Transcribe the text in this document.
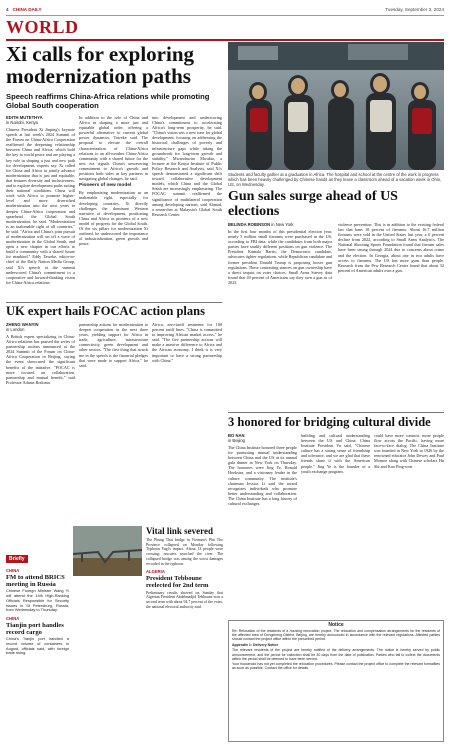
4 CHINA DAILY	Tuesday, September 3, 2024
WORLD
Xi calls for exploring modernization paths
Speech reaffirms China-Africa relations while promoting Global South cooperation
EDITH MUTETHYA
in Nairobi, Kenya
Chinese President Xi Jinping's keynote speech at last week's 2024 Summit of the Forum on China-Africa Cooperation reaffirmed the deepening relationship between China and Africa, which hold the key to world peace and are playing a key role in shaping a just and new path for development, experts say. Xi called for China and Africa to jointly advance modernization that is just and equitable, that features diversity and inclusiveness, and to explore development paths suiting their national conditions. China will work with Africa to promote higher-level and more diversified modernization into the next years to deepen China-Africa cooperation and spearhead the Global South modernization, he said. "Modernization is an inalienable right of all countries," he said. "Africa and China's joint pursuit of modernization will set off a wave of modernization in the Global South, and open a new chapter in our efforts to build a community with a shared future for mankind." Eddy Taweke, editor-in-chief of the Daily Nation Media Group, said Xi's speech at the summit underscored China's commitment to a cooperative and forward-thinking vision for China-Africa relations.
In addition to the role of China and Africa in shaping a more just and equitable global order, offering a powerful alternative to current global power dynamics, Taweke said. The proposal to elevate the overall characterization of China-Africa relations to an all-weather China-Africa community with a shared future for the new era signals China's unwavering commitment to Africa's growth and positions both sides as key partners in navigating global changes, he said.
Pioneers of new model
By emphasizing modernization as an inalienable right, especially for developing countries, Xi directly challenges the dominant Western narrative of development, positioning China and Africa as pioneers of a new model of progress for the Global South. Of the six pillars for modernization Xi outlined, he underscored the importance of industrialization, green growth and peace.
into development and underscoring China's commitment to accelerating Africa's long-term prosperity, he said. "China's vision sets a new tone for global development, focusing on addressing the historical challenges of poverty and infrastructure gaps while taking the groundwork for long-term growth and stability." Mwandawiro Mwakio, a lecturer at the Kenya Institute of Public Policy Research and Analysis, said Xi's speech demonstrated a significant shift toward collaborative development models, which China and the Global South are increasingly emphasizing. The FOCAC summit reaffirmed the significance of multilateral cooperation among developing nations, said Ahmad, a researcher at Malaysia's Global South Research Center.
Students and faculty gather at a graduation in Africa. The hospital and school at the centre of the work in progress which has been heavily challenged by Chinese hands as they leave a classroom ahead of a vacation week in Ohio, US, on Wednesday.
Gun sales surge ahead of US elections
BELINDA ROBINSON in New York
In the first four months of this presidential election year, nearly 5 million small firearms were purchased in the US, according to FBI data, while the candidates from both major parties have starkly different positions on gun violence. The President Kamala Harris, the Democratic candidate, advocates tighter regulations, while Republican candidate and former president Donald Trump is proposing looser gun regulations. These contrasting stances on gun ownership have a direct impact on voter choices. Small Arms Survey data found that 49 percent of Americans say they own a gun as of 2023.
violence prevention. This is in addition to the existing federal law that bans 18 percent of firearms. About 16.7 million firearms were sold in the United States last year, a 6 percent decline from 2022, according to Small Arms Analytics. The National Shooting Sports Foundation found that firearm sales have been strong through 2024 due to concerns about crime and the election. In Georgia, about one in two adults have access to firearms. The US has more guns than people. Research from the Pew Research Center found that about 32 percent of American adults own a gun.
UK expert hails FOCAC action plans
ZHENG WANYIN
in London
A British expert specializing in China-Africa relations has praised the series of partnership actions announced at the 2024 Summit of the Forum on China-Africa Cooperation in Beijing, saying the event showcased the significant benefits of the initiative. "FOCAC is more focused on collaboration, partnership and mutual benefit," said Professor Adams Bodomo.
partnership actions for modernization to deepen cooperation in the next three years, yielding support for Africa in trade, agriculture, infrastructure connectivity, green development and other sectors. "The first thing that struck me in the speech is the financial pledges that were made to support Africa," he said.
Africa, zero-tariff treatment for 100 percent tariff lines. "China is committed to improving African market access," he said. "The five partnership actions will make a massive difference to Africa and the African economy. I think it is very important to have a strong partnership with China."
3 honored for bridging cultural divide
BO NAN
in Beijing
The China Institute honored three people for promoting mutual understanding between China and the US at its annual gala dinner in New York on Thursday. The honorees were Jing Ye, Ronald Hoekstra, and a visionary leader in the culture community. The institute's chairman Jessica Li said the award recognizes individuals who promote better understanding and collaboration. The China Institute has a long history of cultural exchanges.
building and cultural understanding between the US and China. China Institute President Yu said, "Chinese culture has a strong sense of friendship and tolerance, and we are glad that these friends share it with the American people." Jing Ye is the founder of a youth exchange program.
could have more contacts, more people flow across the Pacific, having more face-to-face dialog. The China Institute was founded in New York in 1926 by the renowned educator John Dewey and Paul Monroe along with Chinese scholars Hu Shi and Kuo Ping-wen.
Briefly
CHINA
FM to attend BRICS meeting in Russia
Chinese Foreign Minister Wang Yi will attend the 14th High-Ranking Officials Responsible for Security Issues in St Petersburg, Russia, from Wednesday to Thursday.
CHINA
Tianjin port handles record cargo
China's Tianjin port handled a record volume of containers in August, officials said, with foreign trade rising.
Vital link severed
The Phung Thai bridge in Vietnam's Phu Tho Province collapsed on Monday following Typhoon Yagi's impact. About 13 people were crossing; rescuers searched the river. The collapsed bridge was among the worst damages recorded in the typhoon.
ALGERIA
President Tebboune reelected for 2nd term
Preliminary results showed on Sunday that Algerian President Abdelmadjid Tebboune won a second term with about 94.7 percent of the votes, the national electoral authority said.
Notice

Re: Relocation of the residents of a housing renovation project. The relocation and compensation arrangements for the residents of the affected area of Dongcheng District, Beijing, are hereby announced in accordance with the relevant regulations. Affected parties should contact the project office within the prescribed period.

Appendix 1: Delivery Notice

The relevant residents of the project are hereby notified of the delivery arrangements. The notice is hereby served by public announcement, and the period for collection shall be 30 days from the date of publication. Parties who fail to collect the documents within the period shall be deemed to have been served.

Your household has not yet completed the relocation procedures. Please contact the project office to complete the relevant formalities as soon as possible. Contact the office for details.
